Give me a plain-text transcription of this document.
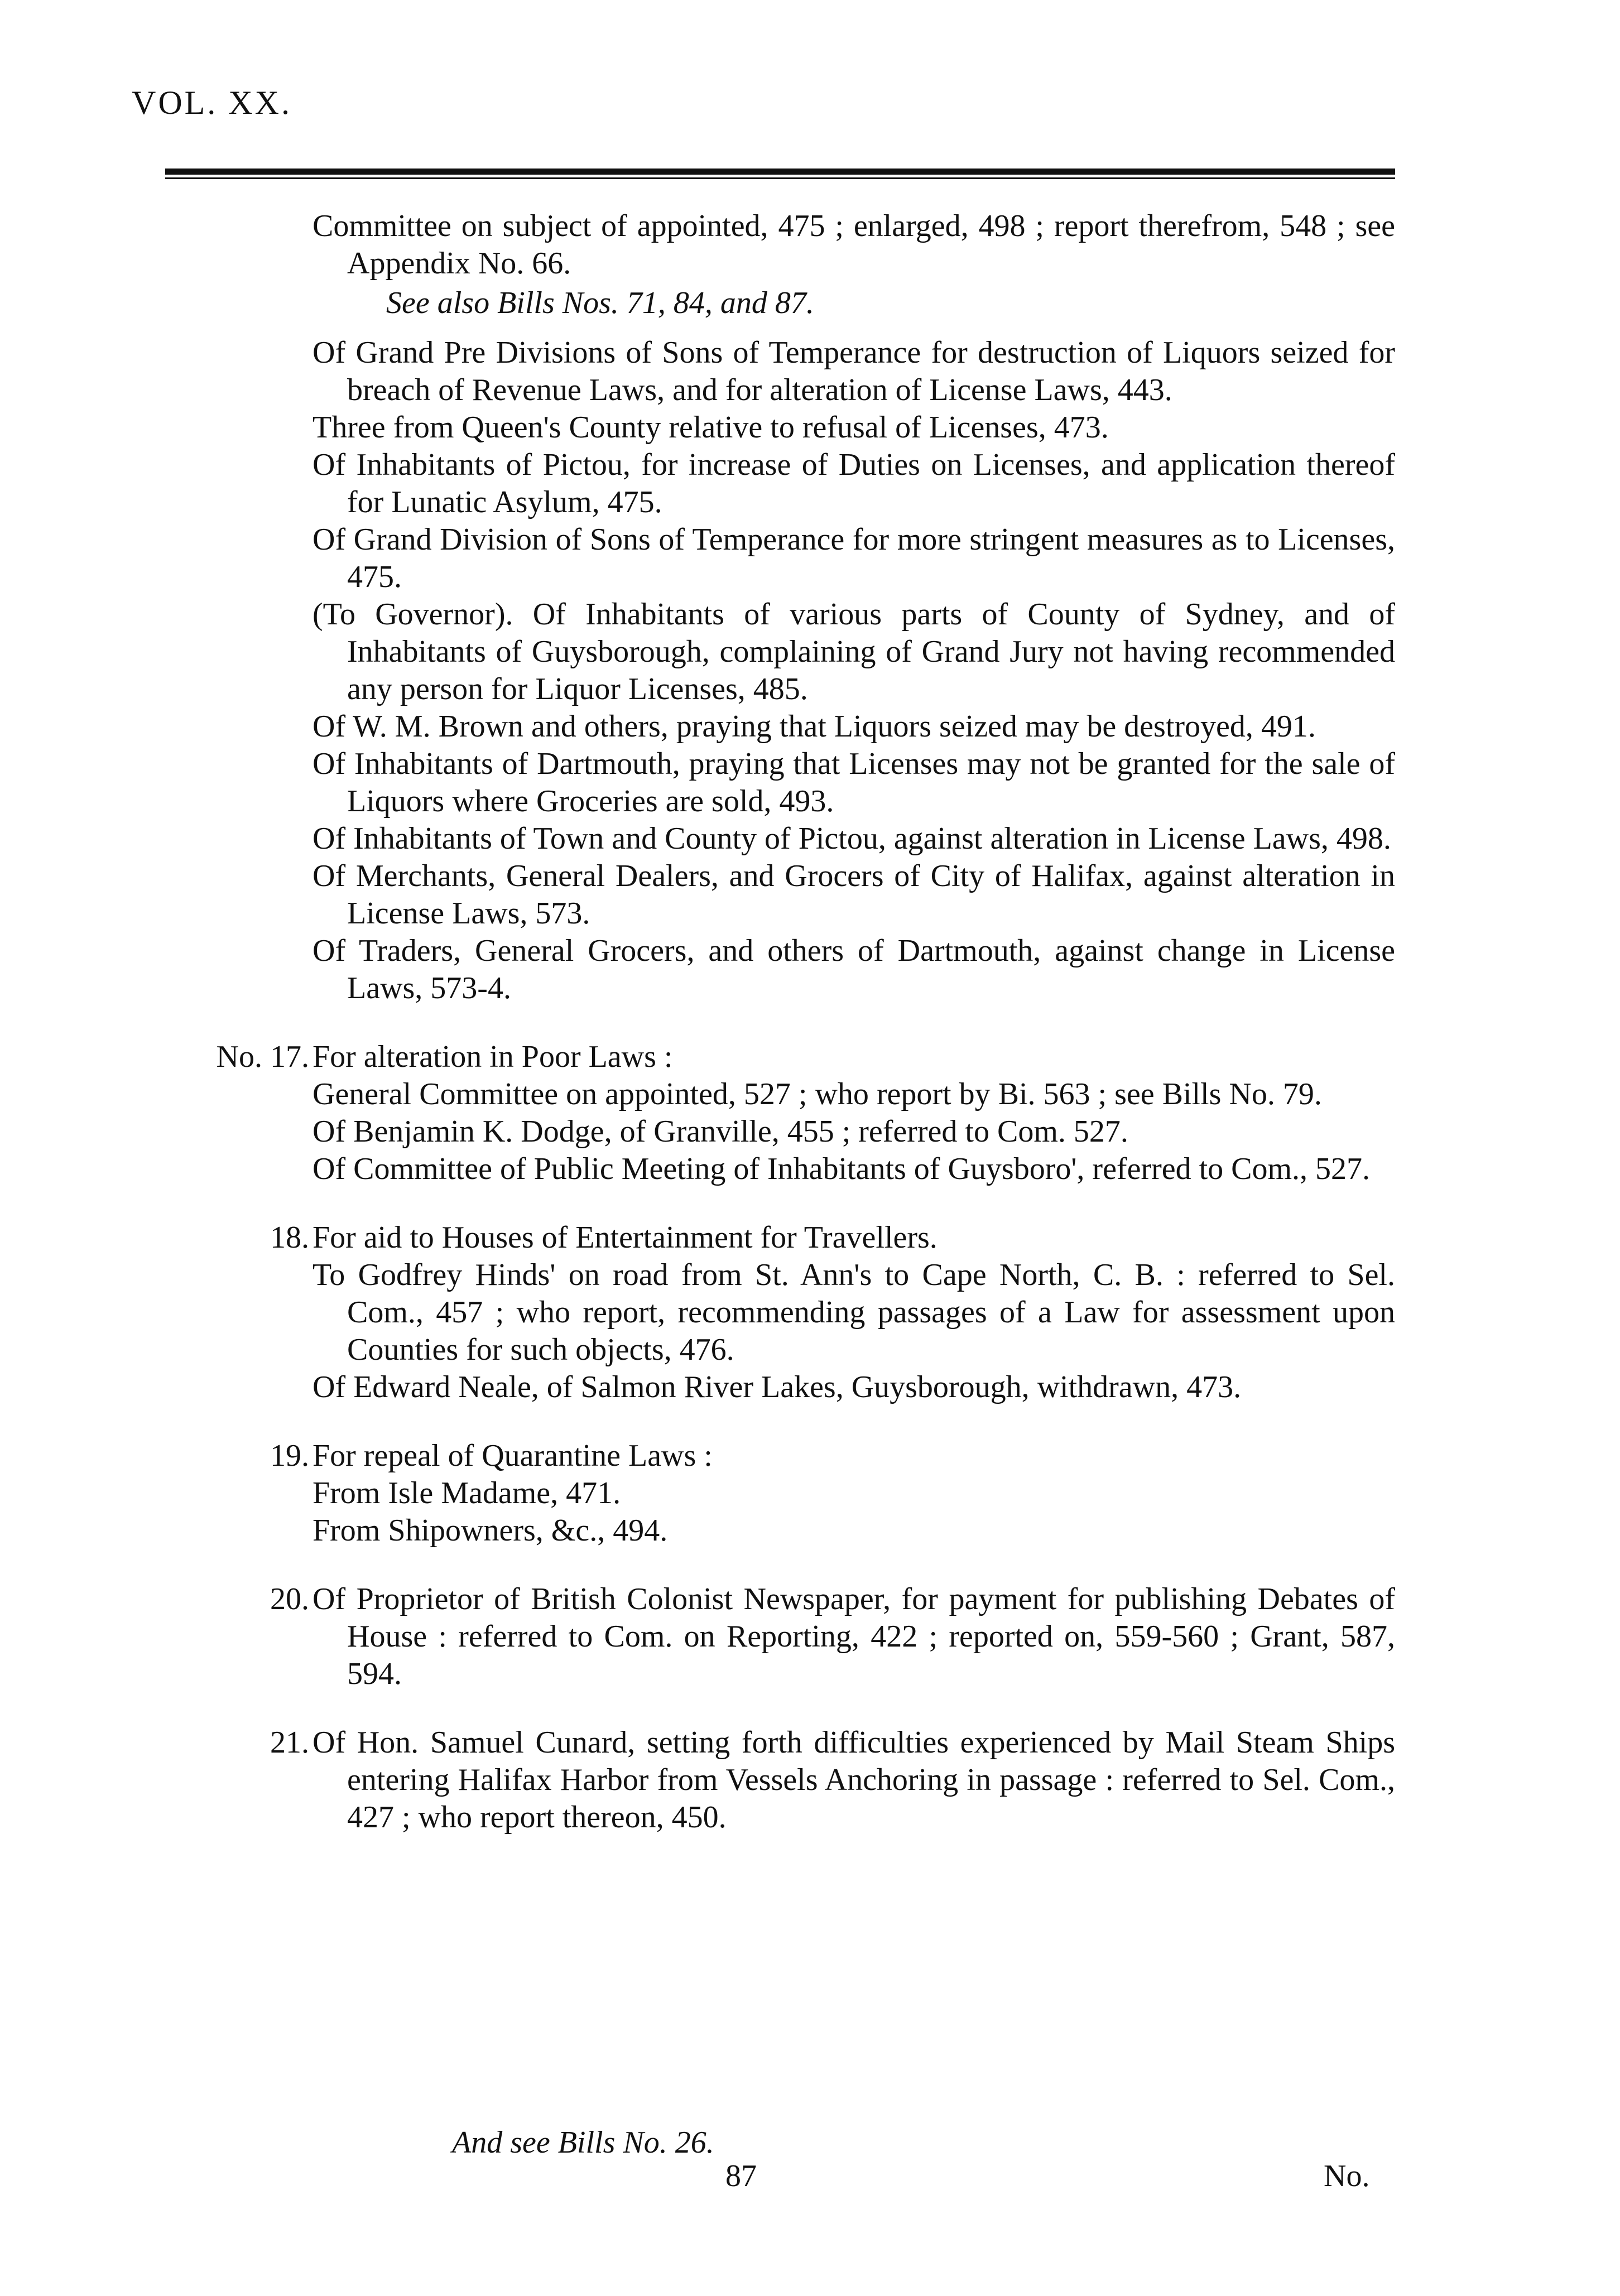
VOL. XX.

Committee on subject of appointed, 475 ; enlarged, 498 ; report therefrom, 548 ; see Appendix No. 66.

See also Bills Nos. 71, 84, and 87.

Of Grand Pre Divisions of Sons of Temperance for destruction of Liquors seized for breach of Revenue Laws, and for alteration of License Laws, 443.

Three from Queen's County relative to refusal of Licenses, 473.

Of Inhabitants of Pictou, for increase of Duties on Licenses, and application thereof for Lunatic Asylum, 475.

Of Grand Division of Sons of Temperance for more stringent measures as to Licenses, 475.

(To Governor). Of Inhabitants of various parts of County of Sydney, and of Inhabitants of Guysborough, complaining of Grand Jury not having recommended any person for Liquor Licenses, 485.

Of W. M. Brown and others, praying that Liquors seized may be destroyed, 491.

Of Inhabitants of Dartmouth, praying that Licenses may not be granted for the sale of Liquors where Groceries are sold, 493.

Of Inhabitants of Town and County of Pictou, against alteration in License Laws, 498.

Of Merchants, General Dealers, and Grocers of City of Halifax, against alteration in License Laws, 573.

Of Traders, General Grocers, and others of Dartmouth, against change in License Laws, 573-4.

No. 17. For alteration in Poor Laws :

General Committee on appointed, 527 ; who report by Bi. 563 ; see Bills No. 79.

Of Benjamin K. Dodge, of Granville, 455 ; referred to Com. 527.

Of Committee of Public Meeting of Inhabitants of Guysboro', referred to Com., 527.

18. For aid to Houses of Entertainment for Travellers.

To Godfrey Hinds' on road from St. Ann's to Cape North, C. B. : referred to Sel. Com., 457 ; who report, recommending passages of a Law for assessment upon Counties for such objects, 476.

Of Edward Neale, of Salmon River Lakes, Guysborough, withdrawn, 473.

19. For repeal of Quarantine Laws :

From Isle Madame, 471.

From Shipowners, &c., 494.

20. Of Proprietor of British Colonist Newspaper, for payment for publishing Debates of House : referred to Com. on Reporting, 422 ; reported on, 559-560 ; Grant, 587, 594.

21. Of Hon. Samuel Cunard, setting forth difficulties experienced by Mail Steam Ships entering Halifax Harbor from Vessels Anchoring in passage : referred to Sel. Com., 427 ; who report thereon, 450.

And see Bills No. 26.
87	No.
